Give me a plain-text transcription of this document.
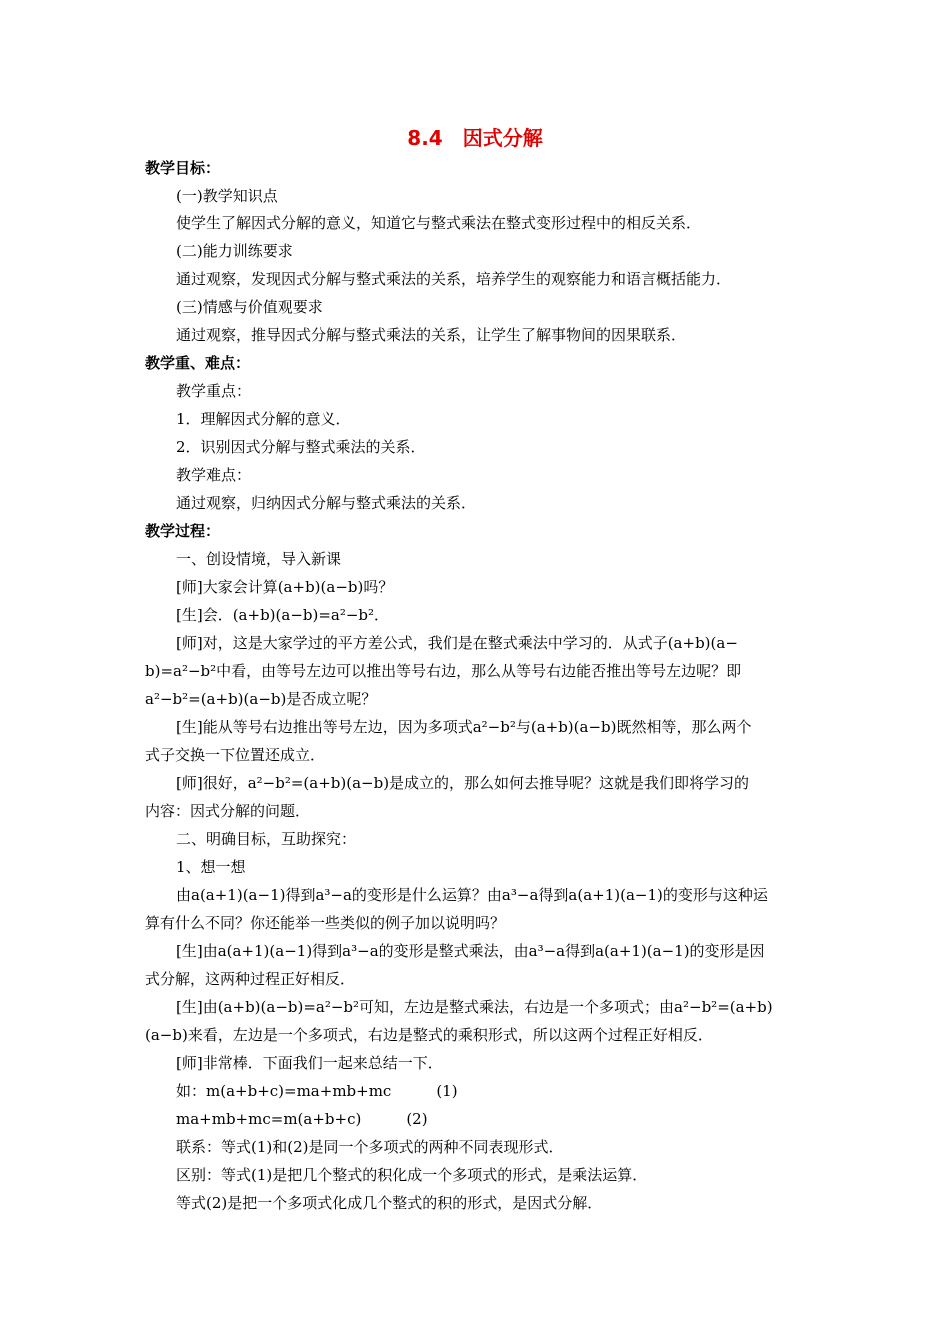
8.4　因式分解
教学目标：
(一)教学知识点
使学生了解因式分解的意义，知道它与整式乘法在整式变形过程中的相反关系．
(二)能力训练要求
通过观察，发现因式分解与整式乘法的关系，培养学生的观察能力和语言概括能力．
(三)情感与价值观要求
通过观察，推导因式分解与整式乘法的关系，让学生了解事物间的因果联系．
教学重、难点：
教学重点：
1．理解因式分解的意义．
2．识别因式分解与整式乘法的关系．
教学难点：
通过观察，归纳因式分解与整式乘法的关系．
教学过程：
一、创设情境，导入新课
[师]大家会计算(a+b)(a−b)吗？
[生]会．(a+b)(a−b)=a²−b²．
[师]对，这是大家学过的平方差公式，我们是在整式乘法中学习的．从式子(a+b)(a−
b)=a²−b²中看，由等号左边可以推出等号右边，那么从等号右边能否推出等号左边呢？即
a²−b²=(a+b)(a−b)是否成立呢？
[生]能从等号右边推出等号左边，因为多项式a²−b²与(a+b)(a−b)既然相等，那么两个
式子交换一下位置还成立．
[师]很好，a²−b²=(a+b)(a−b)是成立的，那么如何去推导呢？这就是我们即将学习的
内容：因式分解的问题．
二、明确目标，互助探究：
1、想一想
由a(a+1)(a−1)得到a³−a的变形是什么运算？由a³−a得到a(a+1)(a−1)的变形与这种运
算有什么不同？你还能举一些类似的例子加以说明吗？
[生]由a(a+1)(a−1)得到a³−a的变形是整式乘法，由a³−a得到a(a+1)(a−1)的变形是因
式分解，这两种过程正好相反．
[生]由(a+b)(a−b)=a²−b²可知，左边是整式乘法，右边是一个多项式；由a²−b²=(a+b)
(a−b)来看，左边是一个多项式，右边是整式的乘积形式，所以这两个过程正好相反．
[师]非常棒．下面我们一起来总结一下．
如：m(a+b+c)=ma+mb+mc　　　(1)
ma+mb+mc=m(a+b+c)　　　(2)
联系：等式(1)和(2)是同一个多项式的两种不同表现形式．
区别：等式(1)是把几个整式的积化成一个多项式的形式，是乘法运算．
等式(2)是把一个多项式化成几个整式的积的形式，是因式分解．
